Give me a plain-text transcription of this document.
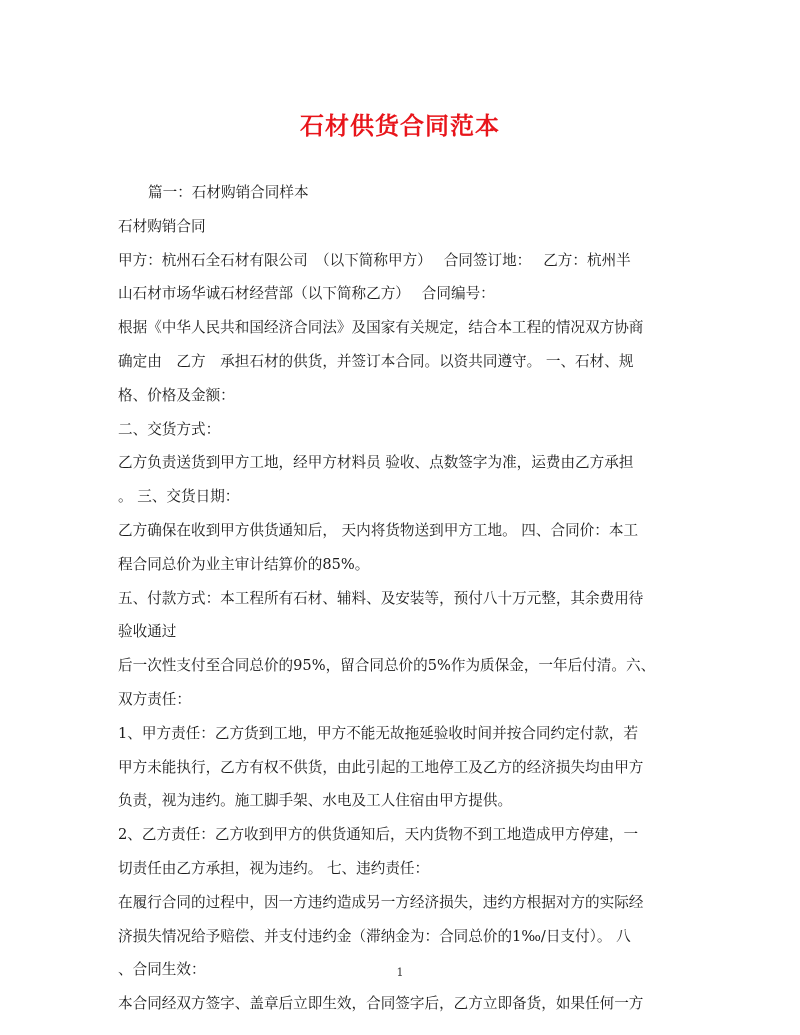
石材供货合同范本
篇一：石材购销合同样本
石材购销合同
甲方：杭州石全石材有限公司　（以下简称甲方）　 合同签订地：　 乙方：杭州半
山石材市场华诚石材经营部（以下简称乙方）　 合同编号：
根据《中华人民共和国经济合同法》及国家有关规定，结合本工程的情况双方协商
确定由　乙方　承担石材的供货，并签订本合同。以资共同遵守。 一、石材、规
格、价格及金额：
二、交货方式：
乙方负责送货到甲方工地，经甲方材料员 验收、点数签字为准，运费由乙方承担
。 三、交货日期：
乙方确保在收到甲方供货通知后， 天内将货物送到甲方工地。 四、合同价：本工
程合同总价为业主审计结算价的85%。
五、付款方式：本工程所有石材、辅料、及安装等，预付八十万元整，其余费用待
验收通过
后一次性支付至合同总价的95%，留合同总价的5%作为质保金，一年后付清。六、
双方责任：
1、甲方责任：乙方货到工地，甲方不能无故拖延验收时间并按合同约定付款，若
甲方未能执行，乙方有权不供货，由此引起的工地停工及乙方的经济损失均由甲方
负责，视为违约。施工脚手架、水电及工人住宿由甲方提供。
2、乙方责任：乙方收到甲方的供货通知后，天内货物不到工地造成甲方停建，一
切责任由乙方承担，视为违约。 七、违约责任：
在履行合同的过程中，因一方违约造成另一方经济损失，违约方根据对方的实际经
济损失情况给予赔偿、并支付违约金（滞纳金为：合同总价的1‰/日支付）。 八
、合同生效：
本合同经双方签字、盖章后立即生效，合同签字后，乙方立即备货，如果任何一方
1
